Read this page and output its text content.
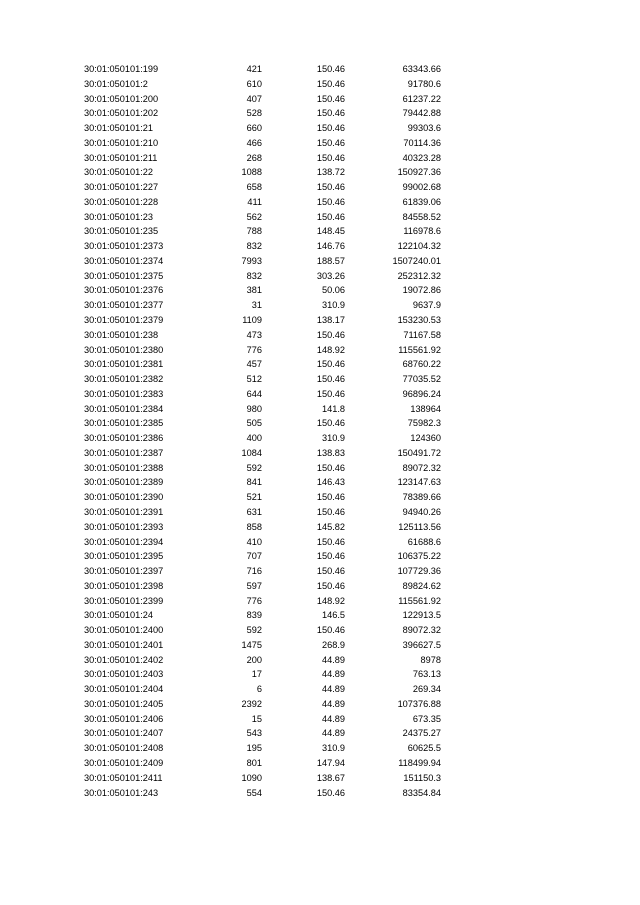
30:01:050101:199	421	150.46	63343.66
30:01:050101:2	610	150.46	91780.6
30:01:050101:200	407	150.46	61237.22
30:01:050101:202	528	150.46	79442.88
30:01:050101:21	660	150.46	99303.6
30:01:050101:210	466	150.46	70114.36
30:01:050101:211	268	150.46	40323.28
30:01:050101:22	1088	138.72	150927.36
30:01:050101:227	658	150.46	99002.68
30:01:050101:228	411	150.46	61839.06
30:01:050101:23	562	150.46	84558.52
30:01:050101:235	788	148.45	116978.6
30:01:050101:2373	832	146.76	122104.32
30:01:050101:2374	7993	188.57	1507240.01
30:01:050101:2375	832	303.26	252312.32
30:01:050101:2376	381	50.06	19072.86
30:01:050101:2377	31	310.9	9637.9
30:01:050101:2379	1109	138.17	153230.53
30:01:050101:238	473	150.46	71167.58
30:01:050101:2380	776	148.92	115561.92
30:01:050101:2381	457	150.46	68760.22
30:01:050101:2382	512	150.46	77035.52
30:01:050101:2383	644	150.46	96896.24
30:01:050101:2384	980	141.8	138964
30:01:050101:2385	505	150.46	75982.3
30:01:050101:2386	400	310.9	124360
30:01:050101:2387	1084	138.83	150491.72
30:01:050101:2388	592	150.46	89072.32
30:01:050101:2389	841	146.43	123147.63
30:01:050101:2390	521	150.46	78389.66
30:01:050101:2391	631	150.46	94940.26
30:01:050101:2393	858	145.82	125113.56
30:01:050101:2394	410	150.46	61688.6
30:01:050101:2395	707	150.46	106375.22
30:01:050101:2397	716	150.46	107729.36
30:01:050101:2398	597	150.46	89824.62
30:01:050101:2399	776	148.92	115561.92
30:01:050101:24	839	146.5	122913.5
30:01:050101:2400	592	150.46	89072.32
30:01:050101:2401	1475	268.9	396627.5
30:01:050101:2402	200	44.89	8978
30:01:050101:2403	17	44.89	763.13
30:01:050101:2404	6	44.89	269.34
30:01:050101:2405	2392	44.89	107376.88
30:01:050101:2406	15	44.89	673.35
30:01:050101:2407	543	44.89	24375.27
30:01:050101:2408	195	310.9	60625.5
30:01:050101:2409	801	147.94	118499.94
30:01:050101:2411	1090	138.67	151150.3
30:01:050101:243	554	150.46	83354.84
